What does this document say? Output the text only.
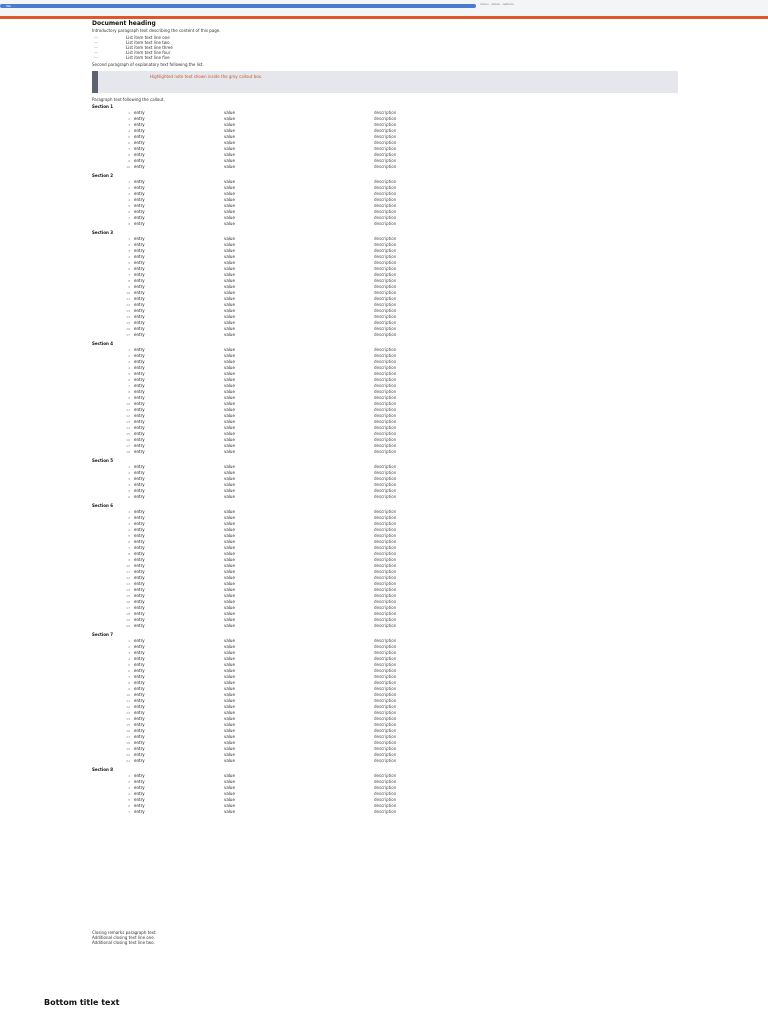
Tab	menu · share · options
Document heading
Introductory paragraph text describing the content of this page.
— List item text line one
— List item text line two
— List item text line three
— List item text line four
— List item text line five
Second paragraph of explanatory text following the list.
Highlighted note text shown inside the grey callout box.
Paragraph text following the callout.
Section 1
1	entry	value	description
2	entry	value	description
3	entry	value	description
4	entry	value	description
5	entry	value	description
6	entry	value	description
7	entry	value	description
8	entry	value	description
9	entry	value	description
10	entry	value	description
Section 2
1	entry	value	description
2	entry	value	description
3	entry	value	description
4	entry	value	description
5	entry	value	description
6	entry	value	description
7	entry	value	description
8	entry	value	description
Section 3
1	entry	value	description
2	entry	value	description
3	entry	value	description
4	entry	value	description
5	entry	value	description
6	entry	value	description
7	entry	value	description
8	entry	value	description
9	entry	value	description
10	entry	value	description
11	entry	value	description
12	entry	value	description
13	entry	value	description
14	entry	value	description
15	entry	value	description
16	entry	value	description
17	entry	value	description
Section 4
1	entry	value	description
2	entry	value	description
3	entry	value	description
4	entry	value	description
5	entry	value	description
6	entry	value	description
7	entry	value	description
8	entry	value	description
9	entry	value	description
10	entry	value	description
11	entry	value	description
12	entry	value	description
13	entry	value	description
14	entry	value	description
15	entry	value	description
16	entry	value	description
17	entry	value	description
18	entry	value	description
Section 5
1	entry	value	description
2	entry	value	description
3	entry	value	description
4	entry	value	description
5	entry	value	description
6	entry	value	description
Section 6
1	entry	value	description
2	entry	value	description
3	entry	value	description
4	entry	value	description
5	entry	value	description
6	entry	value	description
7	entry	value	description
8	entry	value	description
9	entry	value	description
10	entry	value	description
11	entry	value	description
12	entry	value	description
13	entry	value	description
14	entry	value	description
15	entry	value	description
16	entry	value	description
17	entry	value	description
18	entry	value	description
19	entry	value	description
20	entry	value	description
Section 7
1	entry	value	description
2	entry	value	description
3	entry	value	description
4	entry	value	description
5	entry	value	description
6	entry	value	description
7	entry	value	description
8	entry	value	description
9	entry	value	description
10	entry	value	description
11	entry	value	description
12	entry	value	description
13	entry	value	description
14	entry	value	description
15	entry	value	description
16	entry	value	description
17	entry	value	description
18	entry	value	description
19	entry	value	description
20	entry	value	description
21	entry	value	description
Section 8
1	entry	value	description
2	entry	value	description
3	entry	value	description
4	entry	value	description
5	entry	value	description
6	entry	value	description
7	entry	value	description
Closing remarks paragraph text.
Additional closing text line one.
Additional closing text line two.
Bottom title text
